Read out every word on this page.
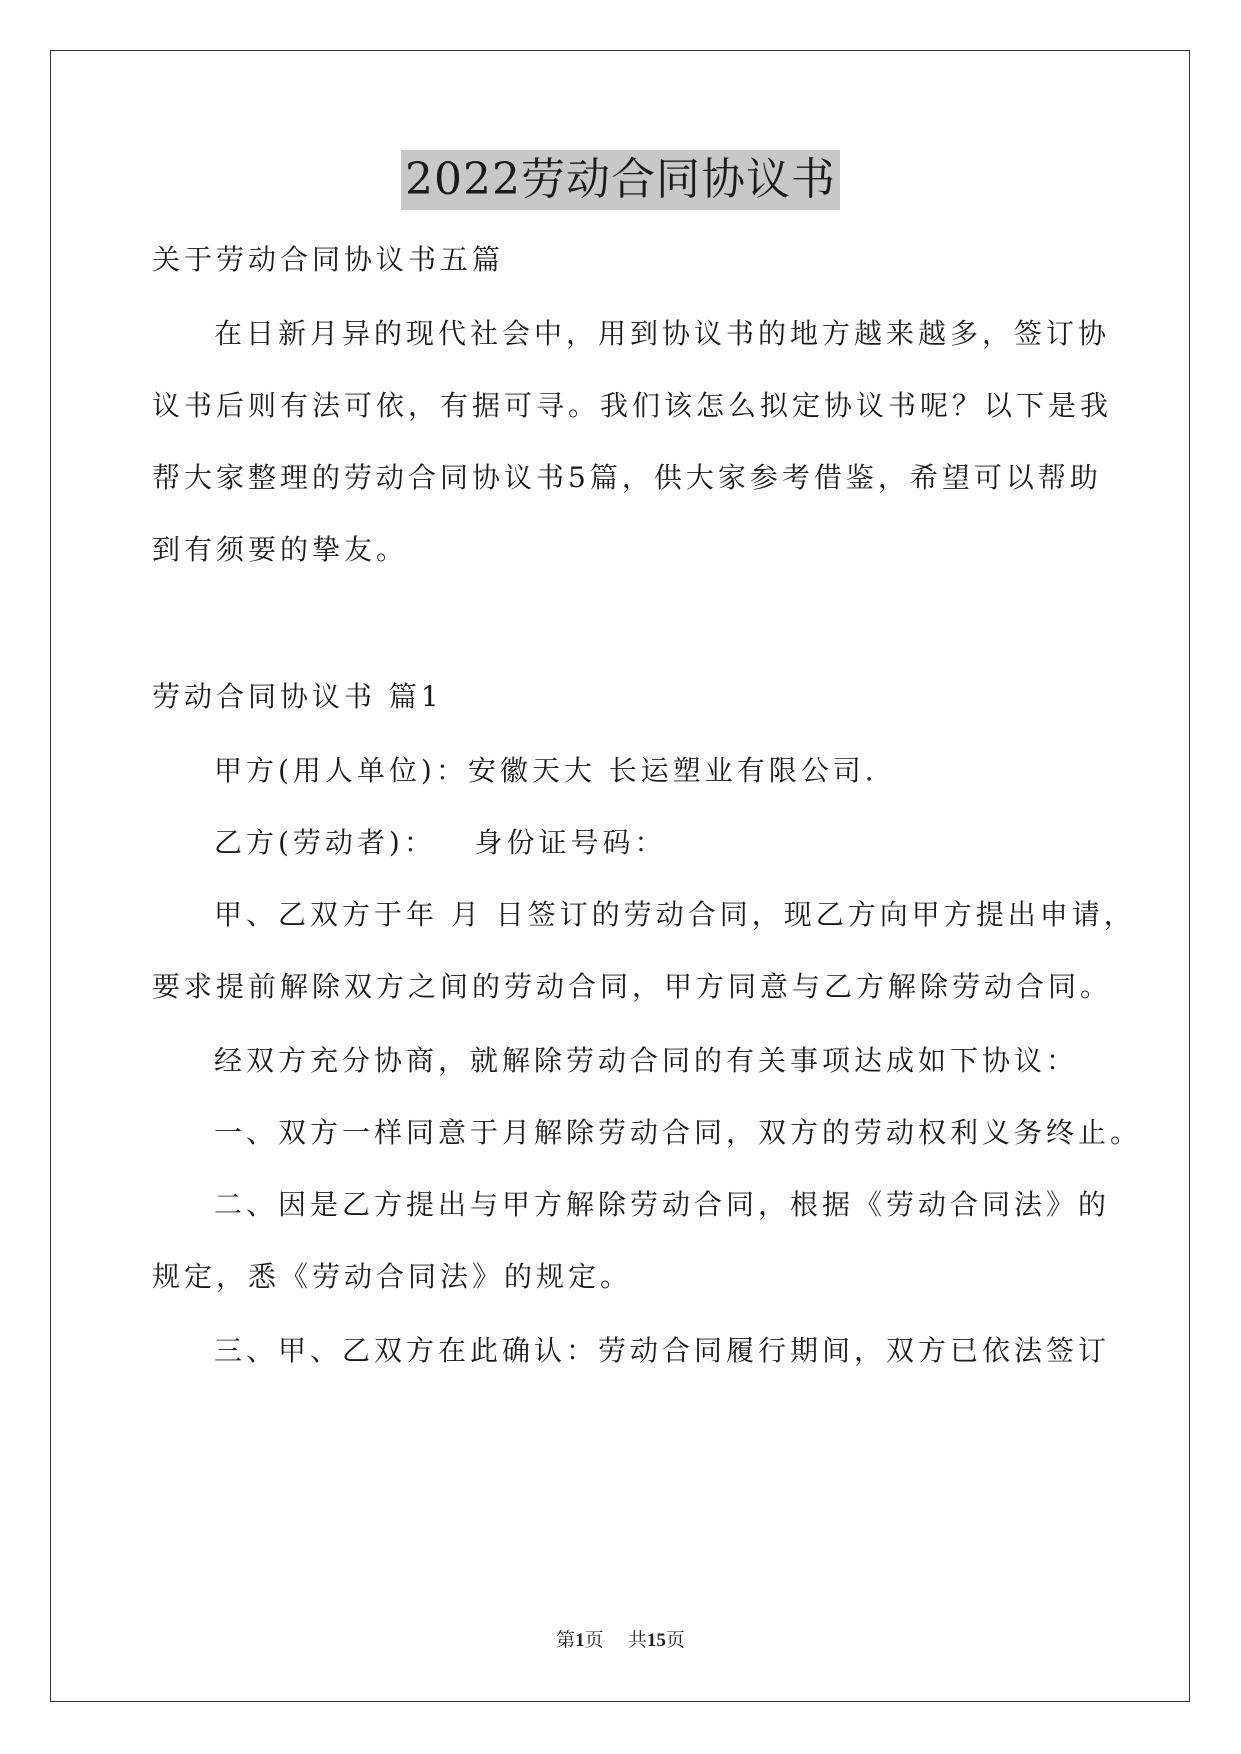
2022劳动合同协议书
关于劳动合同协议书五篇
在日新月异的现代社会中，用到协议书的地方越来越多，签订协
议书后则有法可依，有据可寻。我们该怎么拟定协议书呢？以下是我
帮大家整理的劳动合同协议书5篇，供大家参考借鉴，希望可以帮助
到有须要的挚友。
劳动合同协议书 篇1
甲方(用人单位)：安徽天大 长运塑业有限公司.
乙方(劳动者)：   身份证号码：
甲、乙双方于年 月 日签订的劳动合同，现乙方向甲方提出申请，
要求提前解除双方之间的劳动合同，甲方同意与乙方解除劳动合同。
经双方充分协商，就解除劳动合同的有关事项达成如下协议：
一、双方一样同意于月解除劳动合同，双方的劳动权利义务终止。
二、因是乙方提出与甲方解除劳动合同，根据《劳动合同法》的
规定，悉《劳动合同法》的规定。
三、甲、乙双方在此确认：劳动合同履行期间，双方已依法签订
第1页 共15页
